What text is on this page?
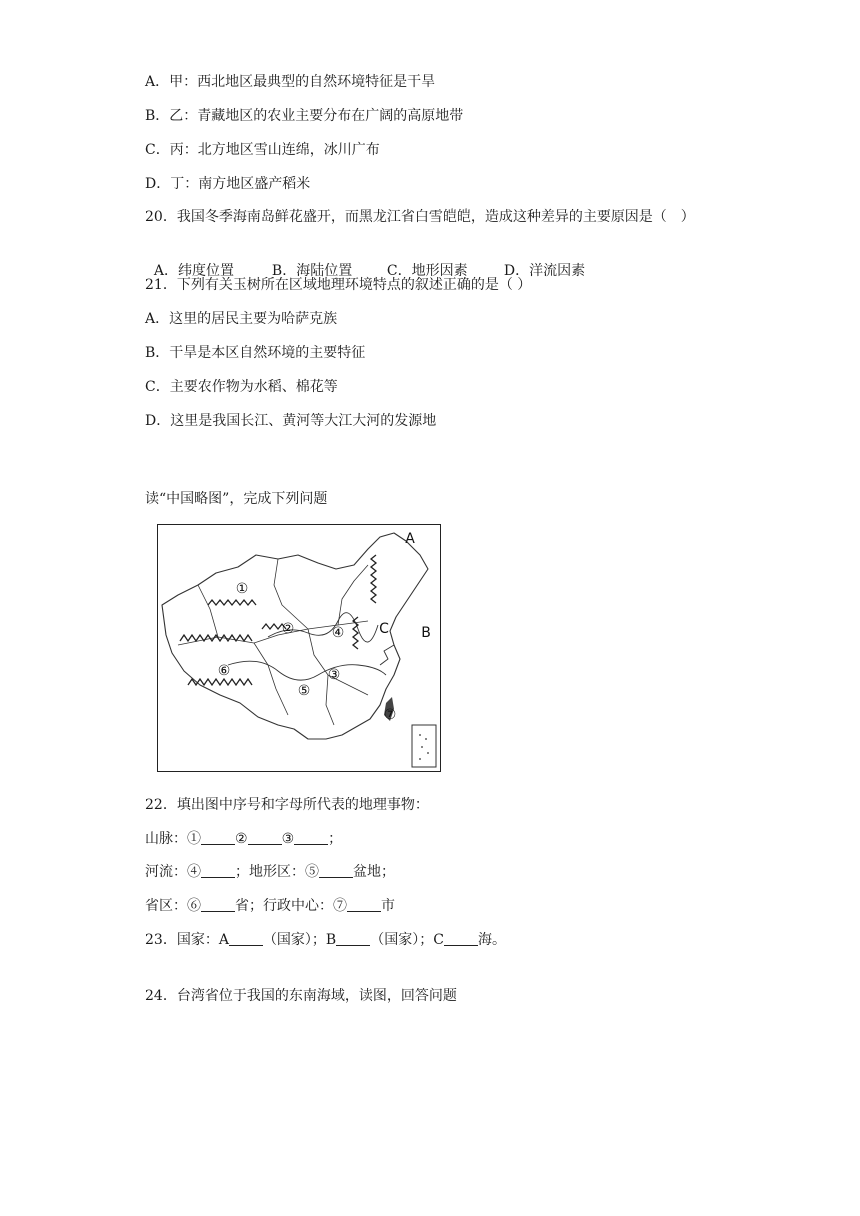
A．甲：西北地区最典型的自然环境特征是干旱
B．乙：青藏地区的农业主要分布在广阔的高原地带
C．丙：北方地区雪山连绵，冰川广布
D．丁：南方地区盛产稻米
20．我国冬季海南岛鲜花盛开，而黑龙江省白雪皑皑，造成这种差异的主要原因是（　）

A．纬度位置	B．海陆位置 C．地形因素	D．洋流因素

21．下列有关玉树所在区域地理环境特点的叙述正确的是（ ）
A．这里的居民主要为哈萨克族
B．干旱是本区自然环境的主要特征
C．主要农作物为水稻、棉花等
D．这里是我国长江、黄河等大江大河的发源地
读“中国略图”，完成下列问题
A
B
C
①
②
③
④
⑤
⑥
⑦
22．填出图中序号和字母所代表的地理事物：
山脉：① ② ③ ；
河流：④ ；地形区：⑤ 盆地；
省区：⑥ 省；行政中心：⑦ 市
23．国家：A （国家）；B （国家）；C 海。
24．台湾省位于我国的东南海域，读图，回答问题
